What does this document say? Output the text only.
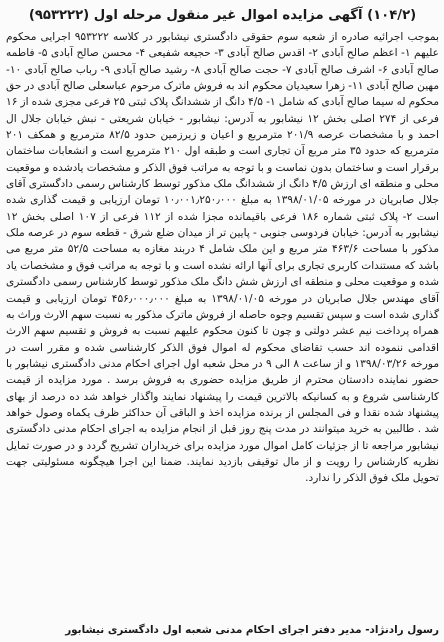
(۱۰۴/۲) آگهی مزایده اموال غیر منقول مرحله اول (۹۵۳۲۲۲)

بموجب اجرائیه صادره از شعبه سوم حقوقی دادگستری نیشابور در کلاسه ۹۵۳۲۲۲ اجرایی محکوم علیهم ۱- اعظم صالح آبادی ۲- اقدس صالح آبادی ۳- حجیعه شفیعی ۴- محسن صالح آبادی ۵- فاطمه صالح آبادی ۶- اشرف صالح آبادی ۷- حجت صالح آبادی ۸- رشید صالح آبادی ۹- رباب صالح آبادی ۱۰- مهین صالح آبادی ۱۱- زهرا سعیدیان محکوم اند به فروش ماترک مرحوم عباسعلی صالح آبادی در حق محکوم له سیما صالح آبادی که شامل ۱- ۴/۵ دانگ از ششدانگ پلاک ثبتی ۲۵ فرعی مجزی شده از ۱۶ فرعی از ۲۷۴ اصلی بخش ۱۲ نیشابور به آدرس: نیشابور - خیابان شریعتی - نبش خیابان جلال ال احمد و با مشخصات عرصه ۲۰۱/۹ مترمربع و اعیان و زیرزمین حدود ۸۲/۵ مترمربع و همکف ۲۰۱ مترمربع که حدود ۳۵ متر مربع آن تجاری است و طبقه اول ۲۱۰ مترمربع است و انشعابات ساختمان برقرار است و ساختمان بدون نماست و با توجه به مراتب فوق الذکر و مشخصات یادشده و موقعیت محلی و منطقه ای ارزش ۴/۵ دانگ از ششدانگ ملک مذکور توسط کارشناس رسمی دادگستری آقای جلال صابریان در مورخه ۱۳۹۸/۰۱/۰۵ به مبلغ ۱۰٫۰۰۱٫۲۵۰٫۰۰۰ تومان ارزیابی و قیمت گذاری شده است ۲- پلاک ثبتی شماره ۱۸۶ فرعی باقیمانده مجزا شده از ۱۱۲ فرعی از ۱۰۷ اصلی بخش ۱۲ نیشابور به آدرس: خیابان فردوسی جنوبی - پایین تر از میدان ضلع شرق - قطعه سوم در عرصه ملک مذکور با مساحت ۴۶۳/۶ متر مربع و این ملک شامل ۴ دربند مغازه به مساحت ۵۲/۵ متر مربع می باشد که مستندات کاربری تجاری برای آنها ارائه نشده است و با توجه به مراتب فوق و مشخصات یاد شده و موقعیت محلی و منطقه ای ارزش شش دانگ ملک مذکور توسط کارشناس رسمی دادگستری آقای مهندس جلال صابریان در مورخه ۱۳۹۸/۰۱/۰۵ به مبلغ ۴۵۶٫۰۰۰٫۰۰۰ تومان ارزیابی و قیمت گذاری شده است و سپس تقسیم وجوه حاصله از فروش ماترک مذکور به نسبت سهم الارث وراث به همراه پرداخت نیم عشر دولتی و چون تا کنون محکوم علیهم نسبت به فروش و تقسیم سهم الارث اقدامی ننموده اند حسب تقاضای محکوم له اموال فوق الذکر کارشناسی شده و مقرر است در مورخه ۱۳۹۸/۰۳/۲۶ و از ساعت ۸ الی ۹ در محل شعبه اول اجرای احکام مدنی دادگستری نیشابور با حضور نماینده دادستان محترم از طریق مزایده حضوری به فروش برسد . مورد مزایده از قیمت کارشناسی شروع و به کسانیکه بالاترین قیمت را پیشنهاد نمایند واگذار خواهد شد ده درصد از بهای پیشنهاد شده نقدا و فی المجلس از برنده مزایده اخذ و الباقی آن حداکثر ظرف یکماه وصول خواهد شد . طالبین به خرید میتوانند در مدت پنج روز قبل از انجام مزایده به اجرای احکام مدنی دادگستری نیشابور مراجعه تا از جزئیات کامل اموال مورد مزایده برای خریداران تشریح گردد و در صورت تمایل نظریه کارشناس را رویت و از مال توقیفی بازدید نمایند. ضمنا این اجرا هیچگونه مسئولیتی جهت تحویل ملک فوق الذکر را ندارد.

رسول رادنژاد- مدیر دفتر اجرای احکام مدنی شعبه اول دادگستری نیشابور
